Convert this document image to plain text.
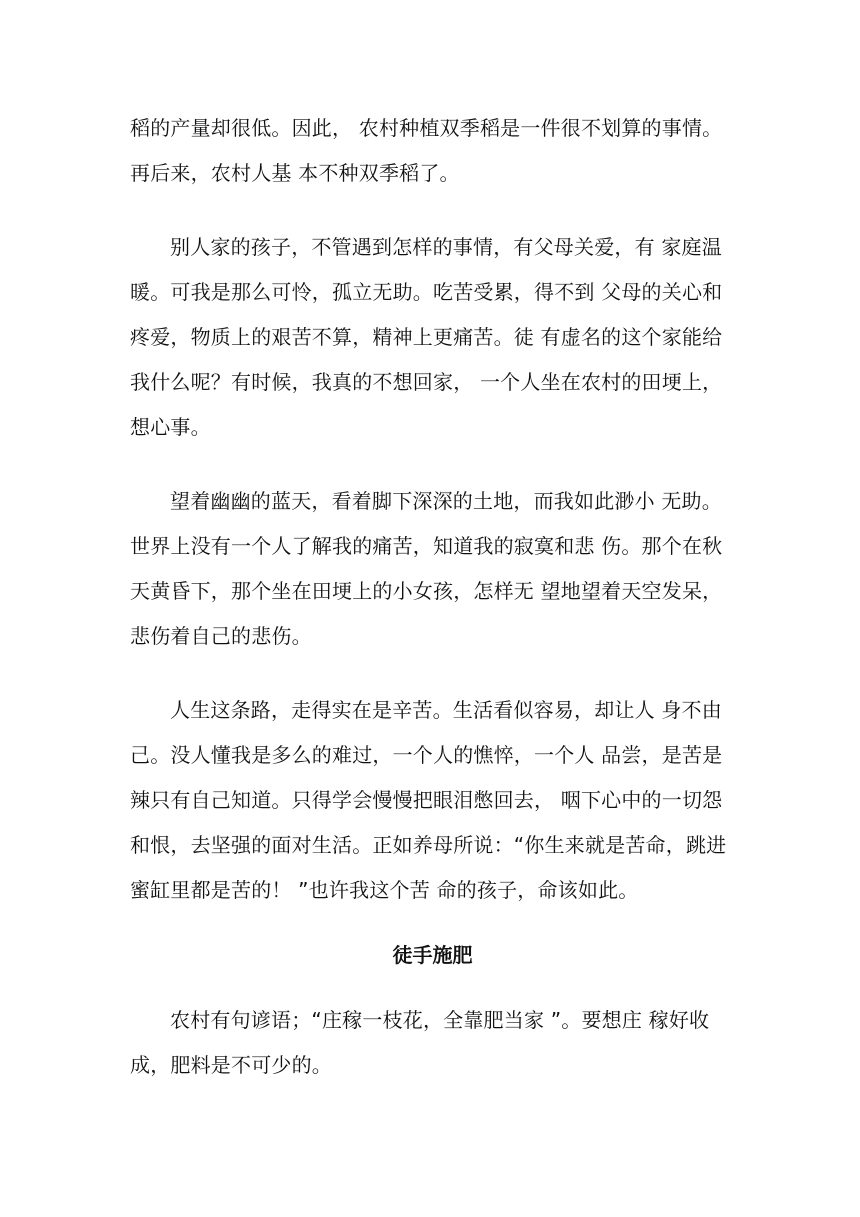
稻的产量却很低。因此， 农村种植双季稻是一件很不划算的事情。再后来，农村人基 本不种双季稻了。

别人家的孩子，不管遇到怎样的事情，有父母关爱，有 家庭温暖。可我是那么可怜，孤立无助。吃苦受累，得不到 父母的关心和疼爱，物质上的艰苦不算，精神上更痛苦。徒 有虚名的这个家能给我什么呢？有时候，我真的不想回家， 一个人坐在农村的田埂上，想心事。

望着幽幽的蓝天，看着脚下深深的土地，而我如此渺小 无助。世界上没有一个人了解我的痛苦，知道我的寂寞和悲 伤。那个在秋天黄昏下，那个坐在田埂上的小女孩，怎样无 望地望着天空发呆，悲伤着自己的悲伤。

人生这条路，走得实在是辛苦。生活看似容易，却让人 身不由己。没人懂我是多么的难过，一个人的憔悴，一个人 品尝，是苦是辣只有自己知道。只得学会慢慢把眼泪憋回去， 咽下心中的一切怨和恨，去坚强的面对生活。正如养母所说：“你生来就是苦命，跳进蜜缸里都是苦的！ ”也许我这个苦 命的孩子，命该如此。

徒手施肥

农村有句谚语；“庄稼一枝花，全靠肥当家 ”。要想庄 稼好收成，肥料是不可少的。
